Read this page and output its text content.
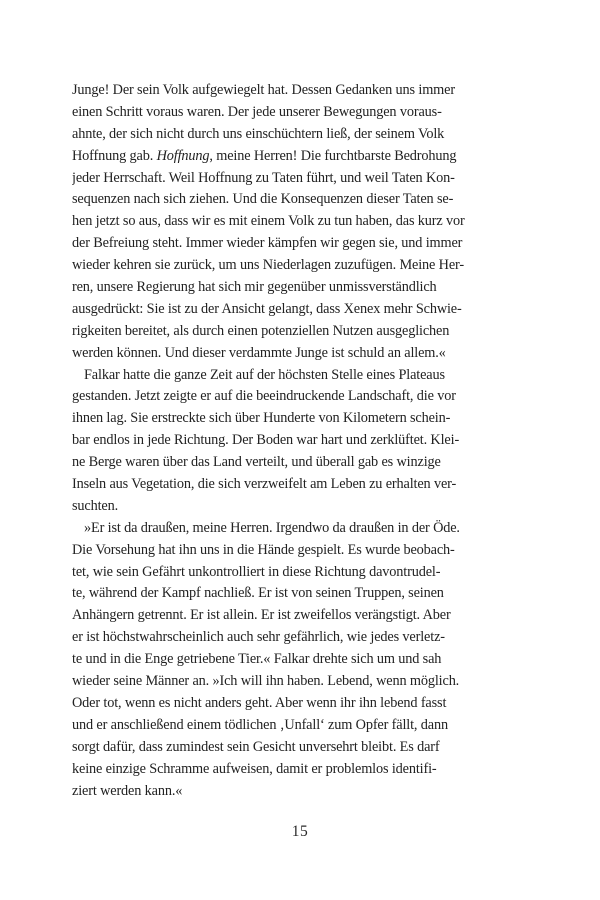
Junge! Der sein Volk aufgewiegelt hat. Dessen Gedanken uns immer
einen Schritt voraus waren. Der jede unserer Bewegungen voraus-
ahnte, der sich nicht durch uns einschüchtern ließ, der seinem Volk
Hoffnung gab. Hoffnung, meine Herren! Die furchtbarste Bedrohung
jeder Herrschaft. Weil Hoffnung zu Taten führt, und weil Taten Kon-
sequenzen nach sich ziehen. Und die Konsequenzen dieser Taten se-
hen jetzt so aus, dass wir es mit einem Volk zu tun haben, das kurz vor
der Befreiung steht. Immer wieder kämpfen wir gegen sie, und immer
wieder kehren sie zurück, um uns Niederlagen zuzufügen. Meine Her-
ren, unsere Regierung hat sich mir gegenüber unmissverständlich
ausgedrückt: Sie ist zu der Ansicht gelangt, dass Xenex mehr Schwie-
rigkeiten bereitet, als durch einen potenziellen Nutzen ausgeglichen
werden können. Und dieser verdammte Junge ist schuld an allem.«
Falkar hatte die ganze Zeit auf der höchsten Stelle eines Plateaus
gestanden. Jetzt zeigte er auf die beeindruckende Landschaft, die vor
ihnen lag. Sie erstreckte sich über Hunderte von Kilometern schein-
bar endlos in jede Richtung. Der Boden war hart und zerklüftet. Klei-
ne Berge waren über das Land verteilt, und überall gab es winzige
Inseln aus Vegetation, die sich verzweifelt am Leben zu erhalten ver-
suchten.
»Er ist da draußen, meine Herren. Irgendwo da draußen in der Öde.
Die Vorsehung hat ihn uns in die Hände gespielt. Es wurde beobach-
tet, wie sein Gefährt unkontrolliert in diese Richtung davontrudel-
te, während der Kampf nachließ. Er ist von seinen Truppen, seinen
Anhängern getrennt. Er ist allein. Er ist zweifellos verängstigt. Aber
er ist höchstwahrscheinlich auch sehr gefährlich, wie jedes verletz-
te und in die Enge getriebene Tier.« Falkar drehte sich um und sah
wieder seine Männer an. »Ich will ihn haben. Lebend, wenn möglich.
Oder tot, wenn es nicht anders geht. Aber wenn ihr ihn lebend fasst
und er anschließend einem tödlichen ‚Unfall‘ zum Opfer fällt, dann
sorgt dafür, dass zumindest sein Gesicht unversehrt bleibt. Es darf
keine einzige Schramme aufweisen, damit er problemlos identifi-
ziert werden kann.«
15
